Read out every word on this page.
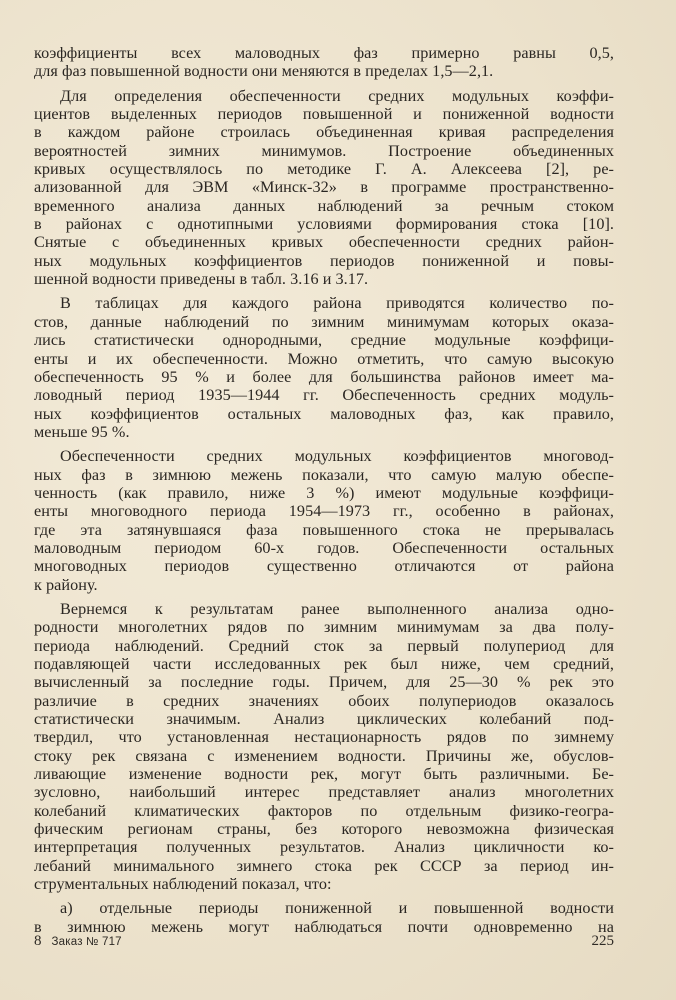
коэффициенты всех маловодных фаз примерно равны 0,5,
для фаз повышенной водности они меняются в пределах 1,5—2,1.
Для определения обеспеченности средних модульных коэффи-
циентов выделенных периодов повышенной и пониженной водности
в каждом районе строилась объединенная кривая распределения
вероятностей зимних минимумов. Построение объединенных
кривых осуществлялось по методике Г. А. Алексеева [2], ре-
ализованной для ЭВМ «Минск-32» в программе пространственно-
временного анализа данных наблюдений за речным стоком
в районах с однотипными условиями формирования стока [10].
Снятые с объединенных кривых обеспеченности средних район-
ных модульных коэффициентов периодов пониженной и повы-
шенной водности приведены в табл. 3.16 и 3.17.
В таблицах для каждого района приводятся количество по-
стов, данные наблюдений по зимним минимумам которых оказа-
лись статистически однородными, средние модульные коэффици-
енты и их обеспеченности. Можно отметить, что самую высокую
обеспеченность 95 % и более для большинства районов имеет ма-
ловодный период 1935—1944 гг. Обеспеченность средних модуль-
ных коэффициентов остальных маловодных фаз, как правило,
меньше 95 %.
Обеспеченности средних модульных коэффициентов многовод-
ных фаз в зимнюю межень показали, что самую малую обеспе-
ченность (как правило, ниже 3 %) имеют модульные коэффици-
енты многоводного периода 1954—1973 гг., особенно в районах,
где эта затянувшаяся фаза повышенного стока не прерывалась
маловодным периодом 60-х годов. Обеспеченности остальных
многоводных периодов существенно отличаются от района
к району.
Вернемся к результатам ранее выполненного анализа одно-
родности многолетних рядов по зимним минимумам за два полу-
периода наблюдений. Средний сток за первый полупериод для
подавляющей части исследованных рек был ниже, чем средний,
вычисленный за последние годы. Причем, для 25—30 % рек это
различие в средних значениях обоих полупериодов оказалось
статистически значимым. Анализ циклических колебаний под-
твердил, что установленная нестационарность рядов по зимнему
стоку рек связана с изменением водности. Причины же, обуслов-
ливающие изменение водности рек, могут быть различными. Бе-
зусловно, наибольший интерес представляет анализ многолетних
колебаний климатических факторов по отдельным физико-геогра-
фическим регионам страны, без которого невозможна физическая
интерпретация полученных результатов. Анализ цикличности ко-
лебаний минимального зимнего стока рек СССР за период ин-
струментальных наблюдений показал, что:
а) отдельные периоды пониженной и повышенной водности
в зимнюю межень могут наблюдаться почти одновременно на
8 Заказ № 717	225
